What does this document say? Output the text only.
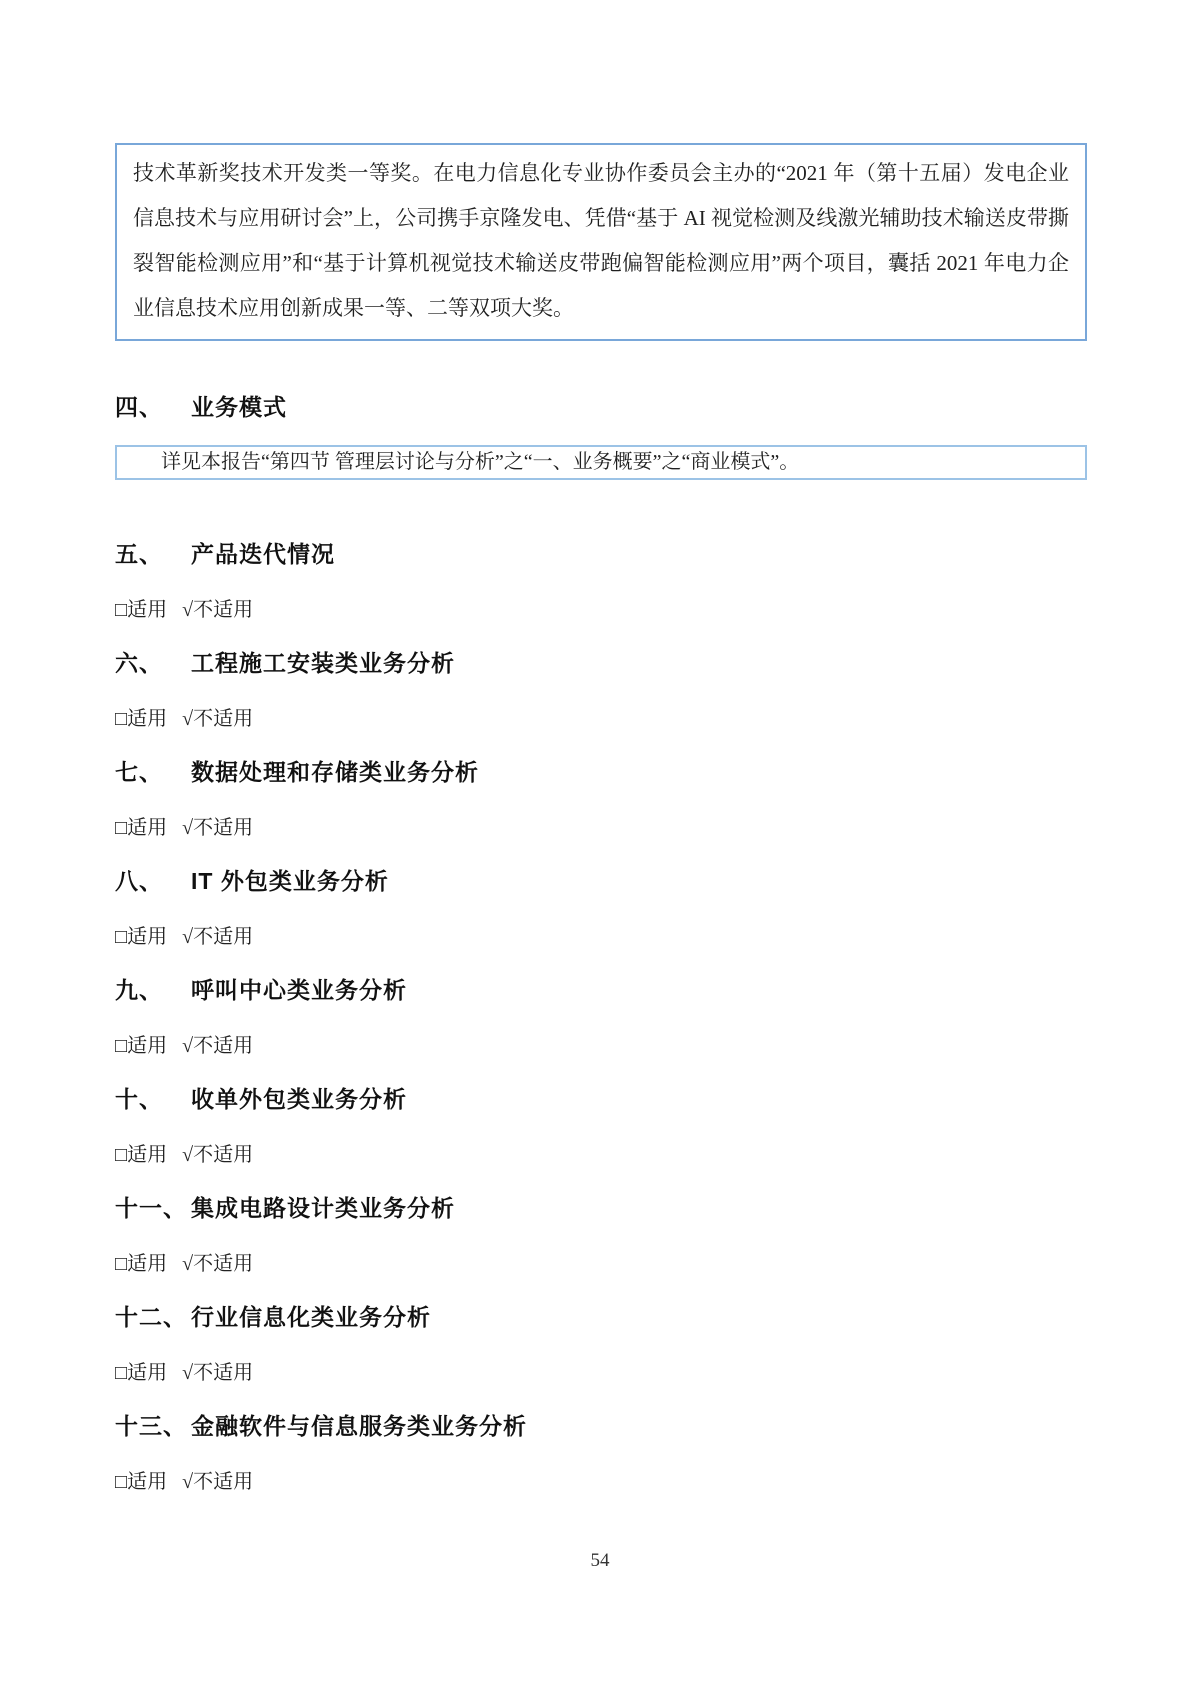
技术革新奖技术开发类一等奖。在电力信息化专业协作委员会主办的“2021 年（第十五届）发电企业信息技术与应用研讨会”上，公司携手京隆发电、凭借“基于 AI 视觉检测及线激光辅助技术输送皮带撕裂智能检测应用”和“基于计算机视觉技术输送皮带跑偏智能检测应用”两个项目，囊括 2021 年电力企业信息技术应用创新成果一等、二等双项大奖。
四、 业务模式
详见本报告“第四节 管理层讨论与分析”之“一、业务概要”之“商业模式”。
五、 产品迭代情况
□适用 √不适用
六、 工程施工安装类业务分析
□适用 √不适用
七、 数据处理和存储类业务分析
□适用 √不适用
八、 IT 外包类业务分析
□适用 √不适用
九、 呼叫中心类业务分析
□适用 √不适用
十、 收单外包类业务分析
□适用 √不适用
十一、 集成电路设计类业务分析
□适用 √不适用
十二、 行业信息化类业务分析
□适用 √不适用
十三、 金融软件与信息服务类业务分析
□适用 √不适用
54
